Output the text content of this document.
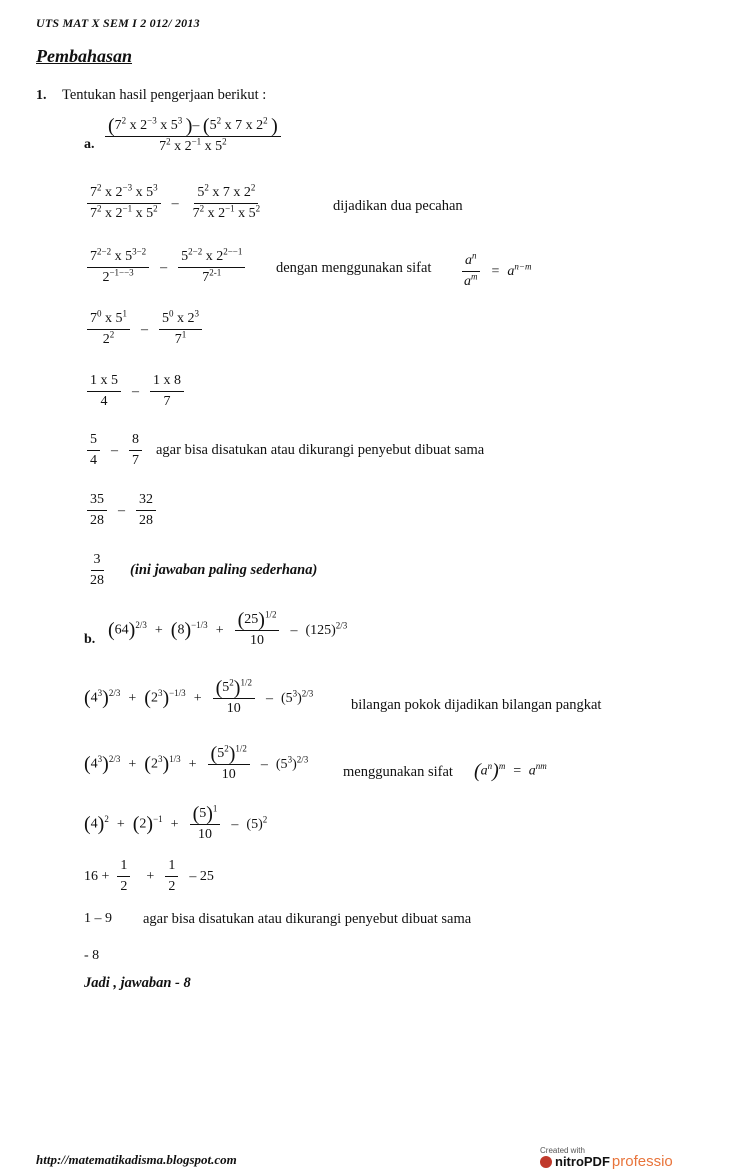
UTS MAT X SEM I 2 012/ 2013
Pembahasan
1. Tentukan hasil pengerjaan berikut :
a. $\frac{(7^2 x 2^{-3} x 5^3 )- (5^2 x 7 x 2^2 )}{7^2 x 2^{-1} x 5^2}$
$\frac{7^2 x 2^{-3} x 5^3}{7^2 x 2^{-1} x 5^2} - \frac{5^2 x 7 x 2^2}{7^2 x 2^{-1} x 5^2}$	dijadikan dua pecahan
$\frac{7^{2-2} x 5^{3-2}}{2^{-1--3}} - \frac{5^{2-2} x 2^{2--1}}{7^{2-1}}$ dengan menggunakan sifat $\frac{a^n}{a^m} = a^{n-m}$
$\frac{7^0 x 5^1}{2^2} - \frac{5^0 x 2^3}{7^1}$
$\frac{1 x 5}{4} - \frac{1 x 8}{7}$
$\frac{5}{4} - \frac{8}{7}$ agar bisa disatukan atau dikurangi penyebut dibuat sama
$\frac{35}{28} - \frac{32}{28}$
$\frac{3}{28} (ini$ jawaban paling sederhana)
b. $(64)^{2/3} + (8)^{-1/3} + \frac{(25)^{1/2}}{10} - (125)^{2/3}$
$(4^3)^{2/3} + (2^3)^{-1/3} + \frac{(5^2)^{1/2}}{10} - (5^3)^{2/3}$
bilangan pokok dijadikan bilangan pangkat
$(4^3)^{2/3} + (2^3)^{1/3} + \frac{(5^2)^{1/2}}{10} - (5^3)^{2/3}$
menggunakan sifat $(a^n)^m = a^{nm}$
$(4)^2 + (2)^{-1} + \frac{(5)^1}{10} - (5)^2$
$16 + \frac{1}{2} + \frac{1}{2} - 25$
1 – 9 agar bisa disatukan atau dikurangi penyebut dibuat sama
- 8
Jadi , jawaban - 8
http://matematikadisma.blogspot.com
Created with
nitroPDF professio
